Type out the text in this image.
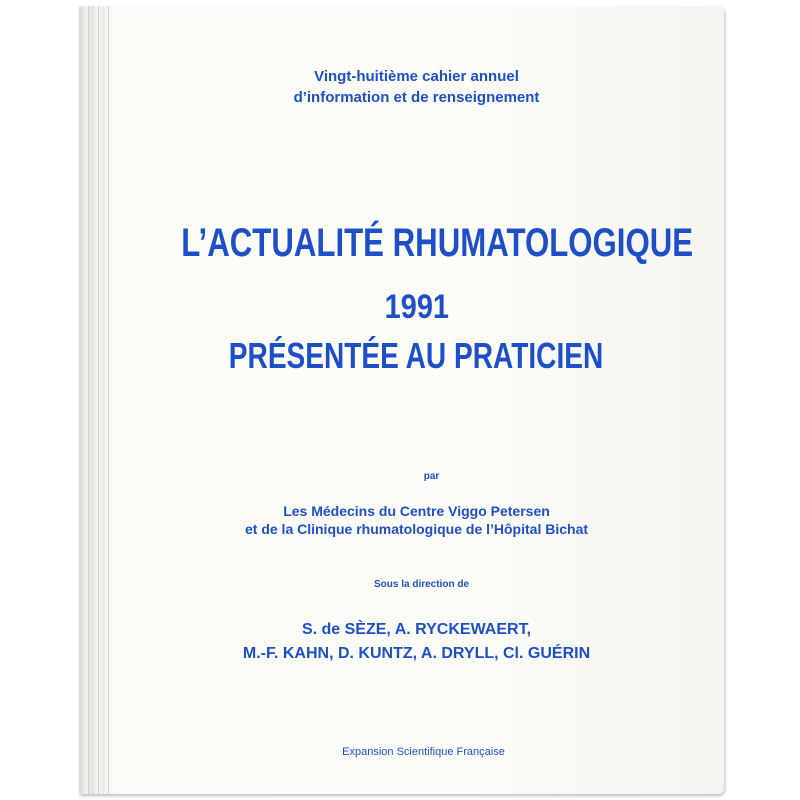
Vingt-huitième cahier annuel
d’information et de renseignement
L’ACTUALITÉ RHUMATOLOGIQUE
1991
PRÉSENTÉE AU PRATICIEN
par
Les Médecins du Centre Viggo Petersen
et de la Clinique rhumatologique de l’Hôpital Bichat
Sous la direction de
S. de SÈZE, A. RYCKEWAERT,
M.-F. KAHN, D. KUNTZ, A. DRYLL, Cl. GUÉRIN
Expansion Scientifique Française
